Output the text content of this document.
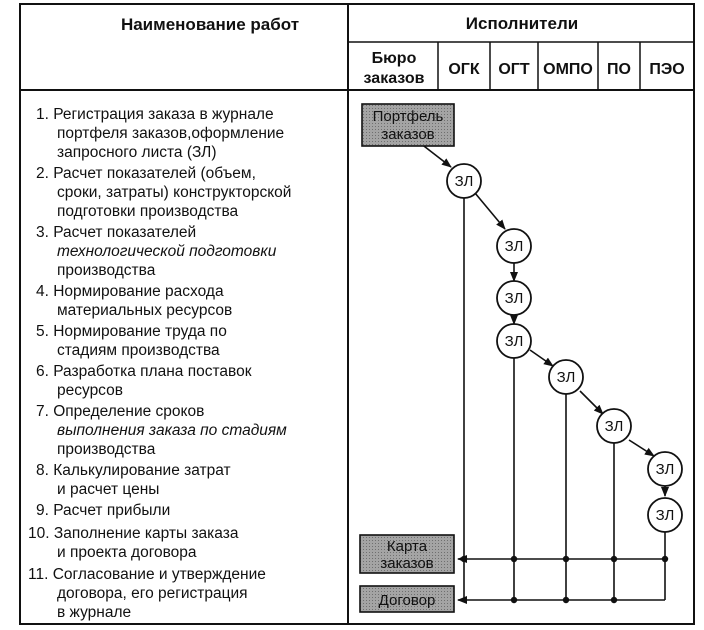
Наименование работ	Исполнители
Бюро
заказов
ОГК ОГТ ОМПО ПО ПЭО
1. Регистрация заказа в журнале
портфеля заказов,оформление
запросного листа (ЗЛ)
2. Расчет показателей (объем,
сроки, затраты) конструкторской
подготовки производства
3. Расчет показателей
технологической подготовки
производства
4. Нормирование расхода
материальных ресурсов
5. Нормирование труда по
стадиям производства
6. Разработка плана поставок
ресурсов
7. Определение сроков
выполнения заказа по стадиям
производства
8. Калькулирование затрат
и расчет цены
9. Расчет прибыли
10. Заполнение карты заказа
и проекта договора
11. Согласование и утверждение
договора, его регистрация
в журнале
Портфель
заказов
Карта
заказов
Договор
ЗЛ
ЗЛ
ЗЛ
ЗЛ
ЗЛ
ЗЛ
ЗЛ
ЗЛ
